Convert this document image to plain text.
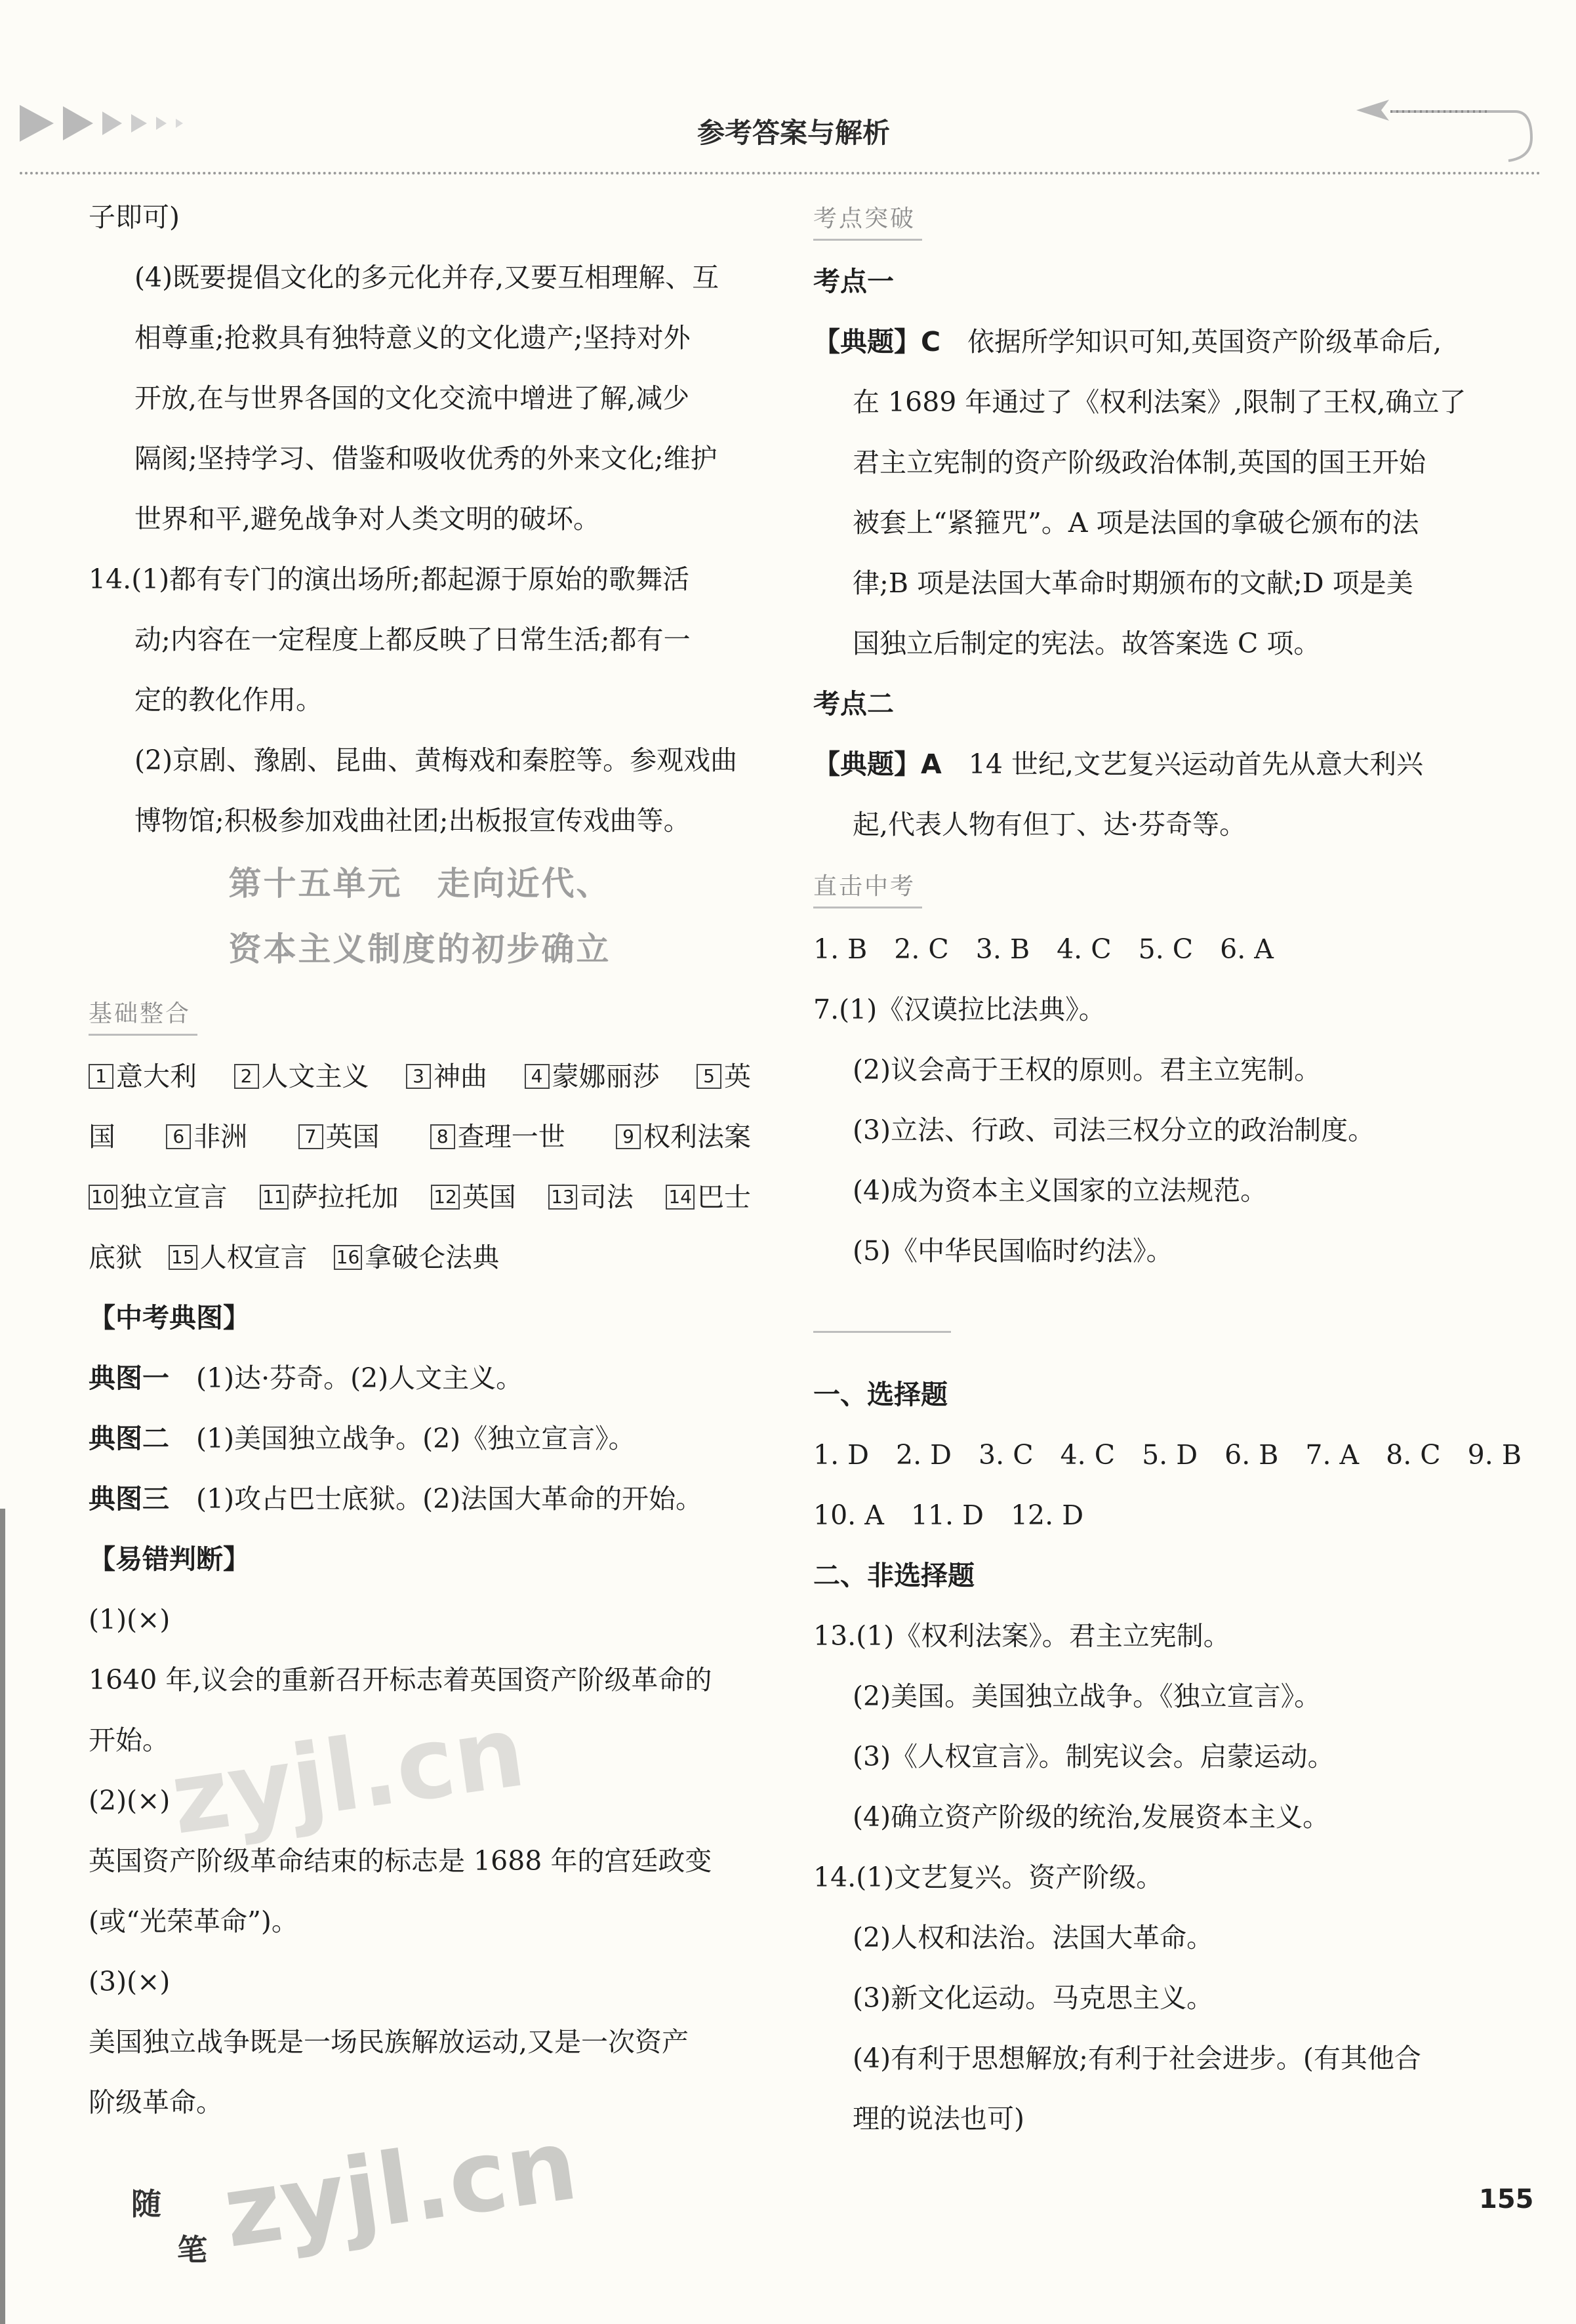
参考答案与解析
子即可)
(4)既要提倡文化的多元化并存,又要互相理解、互
相尊重;抢救具有独特意义的文化遗产;坚持对外
开放,在与世界各国的文化交流中增进了解,减少
隔阂;坚持学习、借鉴和吸收优秀的外来文化;维护
世界和平,避免战争对人类文明的破坏。
14.(1)都有专门的演出场所;都起源于原始的歌舞活
动;内容在一定程度上都反映了日常生活;都有一
定的教化作用。
(2)京剧、豫剧、昆曲、黄梅戏和秦腔等。参观戏曲
博物馆;积极参加戏曲社团;出板报宣传戏曲等。
第十五单元　走向近代、
资本主义制度的初步确立
基础整合
1 意大利	2 人文主义	3 神曲	4 蒙娜丽莎	5 英
国	6 非洲	7 英国	8 查理一世	9 权利法案
10 独立宣言 11 萨拉托加 12 英国 13 司法 14 巴士
底狱 15 人权宣言 16 拿破仑法典
【中考典图】
典图一　(1)达·芬奇。(2)人文主义。
典图二　(1)美国独立战争。(2)《独立宣言》。
典图三　(1)攻占巴士底狱。(2)法国大革命的开始。
【易错判断】
(1)(×)
1640 年,议会的重新召开标志着英国资产阶级革命的
开始。
(2)(×)
英国资产阶级革命结束的标志是 1688 年的宫廷政变
(或“光荣革命”)。
(3)(×)
美国独立战争既是一场民族解放运动,又是一次资产
阶级革命。
考点突破
考点一
【典题】C　依据所学知识可知,英国资产阶级革命后,
在 1689 年通过了《权利法案》,限制了王权,确立了
君主立宪制的资产阶级政治体制,英国的国王开始
被套上“紧箍咒”。A 项是法国的拿破仑颁布的法
律;B 项是法国大革命时期颁布的文献;D 项是美
国独立后制定的宪法。故答案选 C 项。
考点二
【典题】A　14 世纪,文艺复兴运动首先从意大利兴
起,代表人物有但丁、达·芬奇等。
直击中考
1. B　2. C　3. B　4. C　5. C　6. A
7.(1)《汉谟拉比法典》。
(2)议会高于王权的原则。君主立宪制。
(3)立法、行政、司法三权分立的政治制度。
(4)成为资本主义国家的立法规范。
(5)《中华民国临时约法》。
一、选择题
1. D　2. D　3. C　4. C　5. D　6. B　7. A　8. C　9. B
10. A　11. D　12. D
二、非选择题
13.(1)《权利法案》。君主立宪制。
(2)美国。美国独立战争。《独立宣言》。
(3)《人权宣言》。制宪议会。启蒙运动。
(4)确立资产阶级的统治,发展资本主义。
14.(1)文艺复兴。资产阶级。
(2)人权和法治。法国大革命。
(3)新文化运动。马克思主义。
(4)有利于思想解放;有利于社会进步。(有其他合
理的说法也可)
zyjl.cn
zyjl.cn
随
笔
155
